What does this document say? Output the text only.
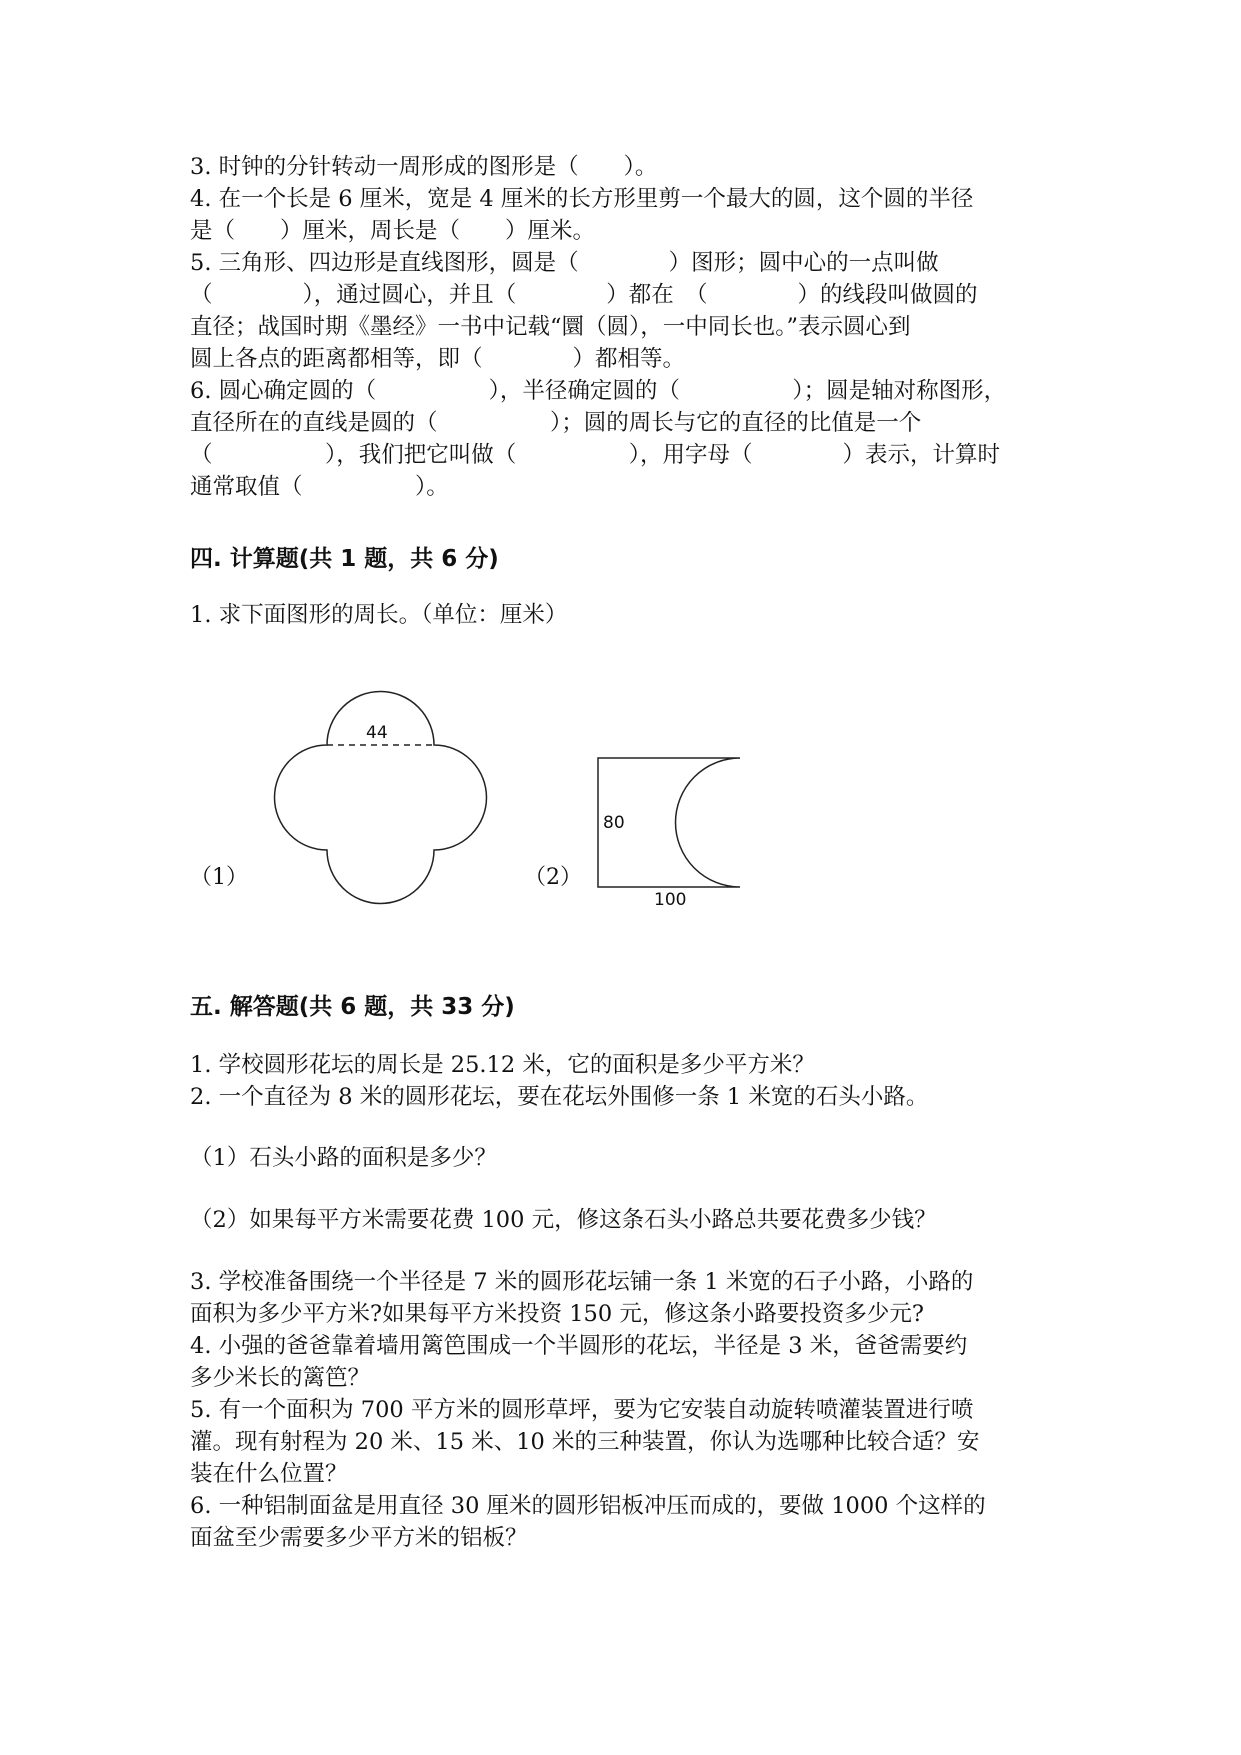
3. 时钟的分针转动一周形成的图形是（　　）。
4. 在一个长是 6 厘米，宽是 4 厘米的长方形里剪一个最大的圆，这个圆的半径
是（　　）厘米，周长是（　　）厘米。
5. 三角形、四边形是直线图形，圆是（　　　　）图形；圆中心的一点叫做
（　　　　），通过圆心，并且（　　　　）都在　（　　　　）的线段叫做圆的
直径；战国时期《墨经》一书中记载“圜（圆），一中同长也。”表示圆心到
圆上各点的距离都相等，即（　　　　）都相等。
6. 圆心确定圆的（　　　　　），半径确定圆的（　　　　　）；圆是轴对称图形，
直径所在的直线是圆的（　　　　　）；圆的周长与它的直径的比值是一个
（　　　　　），我们把它叫做（　　　　　），用字母（　　　　）表示，计算时
通常取值（　　　　　）。
四. 计算题(共 1 题，共 6 分)
1. 求下面图形的周长。（单位：厘米）
（1）
44
（2）
80
100
五. 解答题(共 6 题，共 33 分)
1. 学校圆形花坛的周长是 25.12 米，它的面积是多少平方米？
2. 一个直径为 8 米的圆形花坛，要在花坛外围修一条 1 米宽的石头小路。
（1）石头小路的面积是多少？
（2）如果每平方米需要花费 100 元，修这条石头小路总共要花费多少钱？
3. 学校准备围绕一个半径是 7 米的圆形花坛铺一条 1 米宽的石子小路，小路的
面积为多少平方米?如果每平方米投资 150 元，修这条小路要投资多少元?
4. 小强的爸爸靠着墙用篱笆围成一个半圆形的花坛，半径是 3 米，爸爸需要约
多少米长的篱笆？
5. 有一个面积为 700 平方米的圆形草坪，要为它安装自动旋转喷灌装置进行喷
灌。现有射程为 20 米、15 米、10 米的三种装置，你认为选哪种比较合适？安
装在什么位置？
6. 一种铝制面盆是用直径 30 厘米的圆形铝板冲压而成的，要做 1000 个这样的
面盆至少需要多少平方米的铝板？
